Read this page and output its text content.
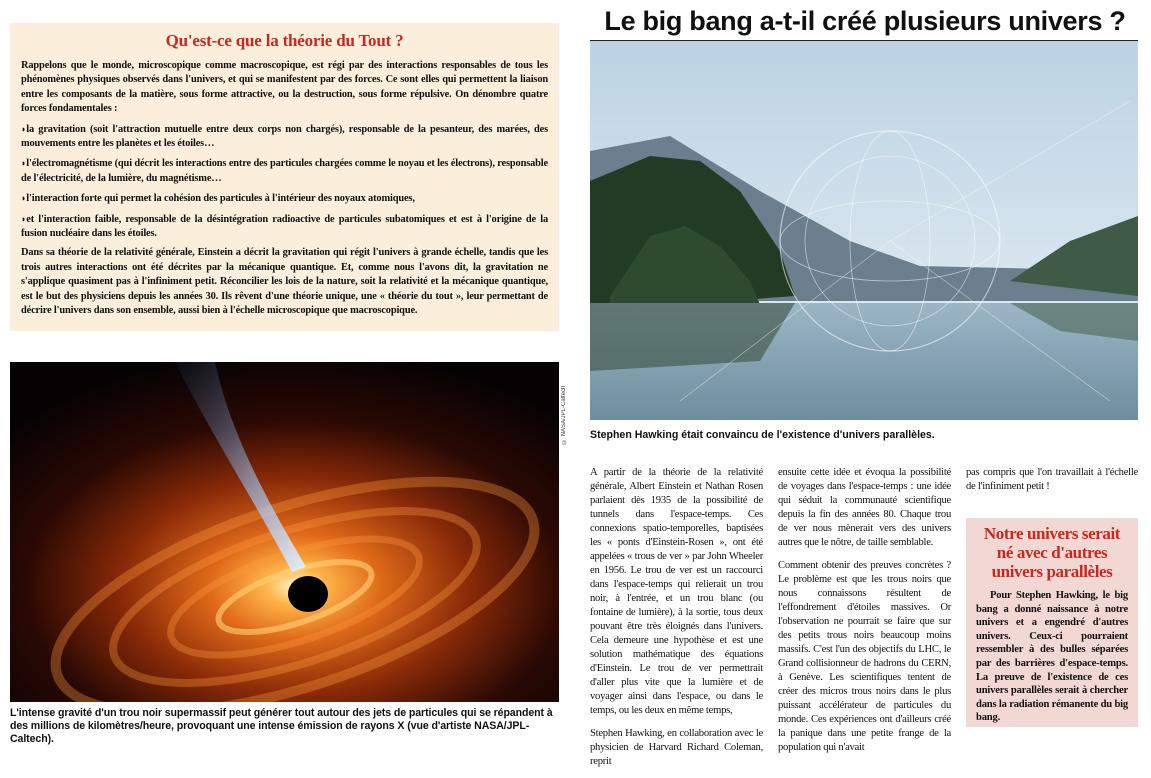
Qu'est-ce que la théorie du Tout ?

Rappelons que le monde, microscopique comme macroscopique, est régi par des interactions responsables de tous les phénomènes physiques observés dans l'univers, et qui se manifestent par des forces. Ce sont elles qui permettent la liaison entre les composants de la matière, sous forme attractive, ou la destruction, sous forme répulsive. On dénombre quatre forces fondamentales :

◗ la gravitation (soit l'attraction mutuelle entre deux corps non chargés), responsable de la pesanteur, des marées, des mouvements entre les planètes et les étoiles…

◗ l'électromagnétisme (qui décrit les interactions entre des particules chargées comme le noyau et les électrons), responsable de l'électricité, de la lumière, du magnétisme…

◗ l'interaction forte qui permet la cohésion des particules à l'intérieur des noyaux atomiques,

◗ et l'interaction faible, responsable de la désintégration radioactive de particules subatomiques et est à l'origine de la fusion nucléaire dans les étoiles.

Dans sa théorie de la relativité générale, Einstein a décrit la gravitation qui régit l'univers à grande échelle, tandis que les trois autres interactions ont été décrites par la mécanique quantique. Et, comme nous l'avons dit, la gravitation ne s'applique quasiment pas à l'infiniment petit. Réconcilier les lois de la nature, soit la relativité et la mécanique quantique, est le but des physiciens depuis les années 30. Ils rêvent d'une théorie unique, une « théorie du tout », leur permettant de décrire l'univers dans son ensemble, aussi bien à l'échelle microscopique que macroscopique.

© NASA/JPL-Caltech
L'intense gravité d'un trou noir supermassif peut générer tout autour des jets de particules qui se répandent à des millions de kilomètres/heure, provoquant une intense émission de rayons X (vue d'artiste NASA/JPL-Caltech).
Le big bang a-t-il créé plusieurs univers ?
Stephen Hawking était convaincu de l'existence d'univers parallèles.

A partir de la théorie de la relativité générale, Albert Einstein et Nathan Rosen parlaient dès 1935 de la possibilité de tunnels dans l'espace-temps. Ces connexions spatio-temporelles, baptisées les « ponts d'Einstein-Rosen », ont été appelées « trous de ver » par John Wheeler en 1956. Le trou de ver est un raccourci dans l'espace-temps qui relierait un trou noir, à l'entrée, et un trou blanc (ou fontaine de lumière), à la sortie, tous deux pouvant être très éloignés dans l'univers. Cela demeure une hypothèse et est une solution mathématique des équations d'Einstein. Le trou de ver permettrait d'aller plus vite que la lumière et de voyager ainsi dans l'espace, ou dans le temps, ou les deux en même temps,

Stephen Hawking, en collaboration avec le physicien de Harvard Richard Coleman, reprit

ensuite cette idée et évoqua la possibilité de voyages dans l'espace-temps : une idée qui séduit la communauté scientifique depuis la fin des années 80. Chaque trou de ver nous mènerait vers des univers autres que le nôtre, de taille semblable.

Comment obtenir des preuves concrètes ? Le problème est que les trous noirs que nous connaissons résultent de l'effondrement d'étoiles massives. Or l'observation ne pourrait se faire que sur des petits trous noirs beaucoup moins massifs. C'est l'un des objectifs du LHC, le Grand collisionneur de hadrons du CERN, à Genève. Les scientifiques tentent de créer des micros trous noirs dans le plus puissant accélérateur de particules du monde. Ces expériences ont d'ailleurs créé la panique dans une petite frange de la population qui n'avait

pas compris que l'on travaillait à l'échelle de l'infiniment petit !

Notre univers serait né avec d'autres univers parallèles

Pour Stephen Hawking, le big bang a donné naissance à notre univers et a engendré d'autres univers. Ceux-ci pourraient ressembler à des bulles séparées par des barrières d'espace-temps. La preuve de l'existence de ces univers parallèles serait à chercher dans la radiation rémanente du big bang.
